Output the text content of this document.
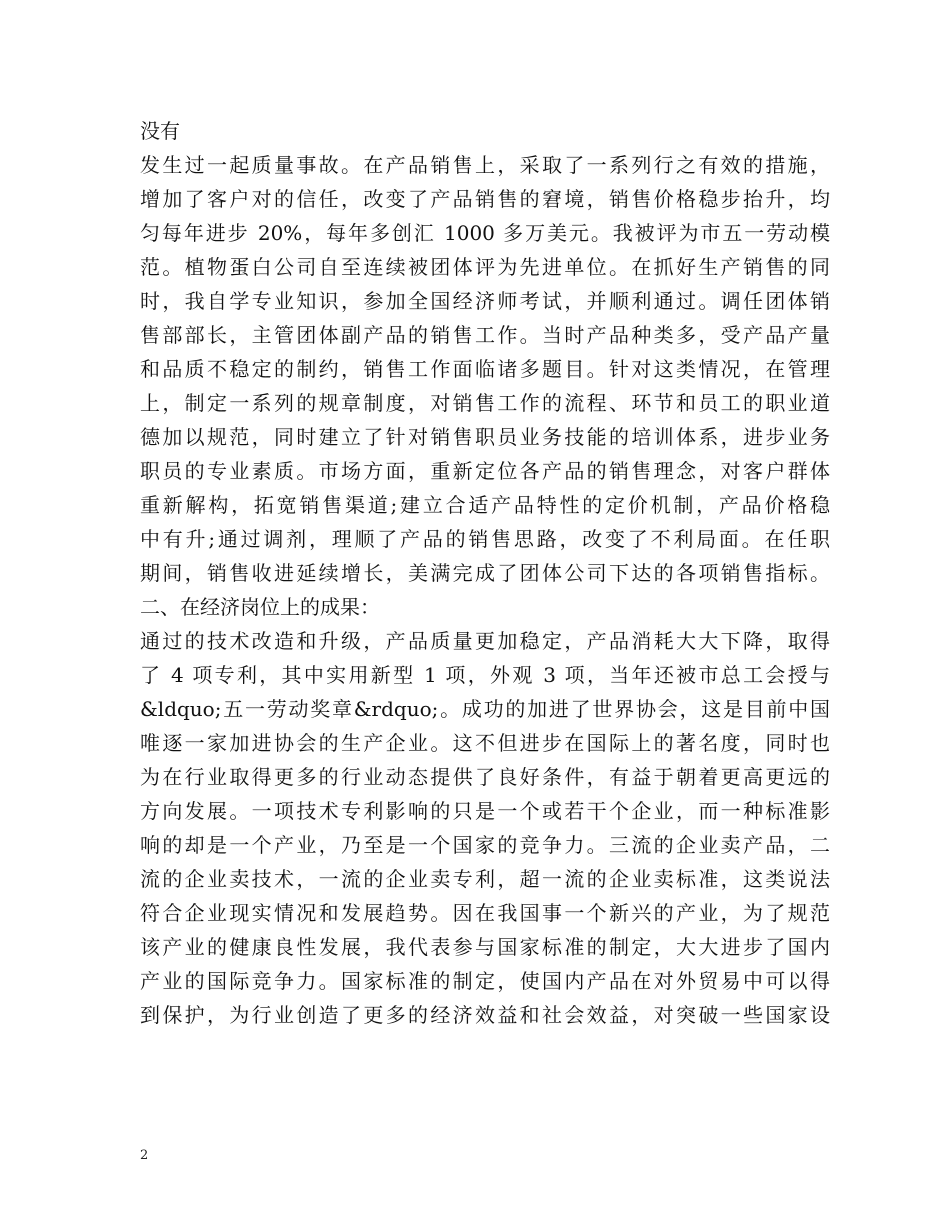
没有
发生过一起质量事故。在产品销售上，采取了一系列行之有效的措施，
增加了客户对的信任，改变了产品销售的窘境，销售价格稳步抬升，均
匀每年进步 20%，每年多创汇 1000 多万美元。我被评为市五一劳动模
范。植物蛋白公司自至连续被团体评为先进单位。在抓好生产销售的同
时，我自学专业知识，参加全国经济师考试，并顺利通过。调任团体销
售部部长，主管团体副产品的销售工作。当时产品种类多，受产品产量
和品质不稳定的制约，销售工作面临诸多题目。针对这类情况，在管理
上，制定一系列的规章制度，对销售工作的流程、环节和员工的职业道
德加以规范，同时建立了针对销售职员业务技能的培训体系，进步业务
职员的专业素质。市场方面，重新定位各产品的销售理念，对客户群体
重新解构，拓宽销售渠道;建立合适产品特性的定价机制，产品价格稳
中有升;通过调剂，理顺了产品的销售思路，改变了不利局面。在任职
期间，销售收进延续增长，美满完成了团体公司下达的各项销售指标。
二、在经济岗位上的成果：
通过的技术改造和升级，产品质量更加稳定，产品消耗大大下降，取得
了 4 项专利，其中实用新型 1 项，外观 3 项，当年还被市总工会授与
&ldquo;五一劳动奖章&rdquo;。成功的加进了世界协会，这是目前中国
唯逐一家加进协会的生产企业。这不但进步在国际上的著名度，同时也
为在行业取得更多的行业动态提供了良好条件，有益于朝着更高更远的
方向发展。一项技术专利影响的只是一个或若干个企业，而一种标准影
响的却是一个产业，乃至是一个国家的竞争力。三流的企业卖产品，二
流的企业卖技术，一流的企业卖专利，超一流的企业卖标准，这类说法
符合企业现实情况和发展趋势。因在我国事一个新兴的产业，为了规范
该产业的健康良性发展，我代表参与国家标准的制定，大大进步了国内
产业的国际竞争力。国家标准的制定，使国内产品在对外贸易中可以得
到保护，为行业创造了更多的经济效益和社会效益，对突破一些国家设
2
